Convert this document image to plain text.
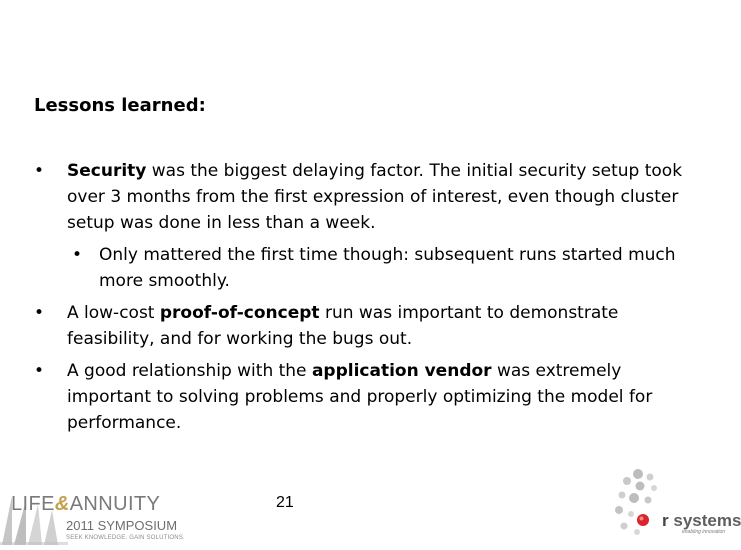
Lessons learned:
• Security was the biggest delaying factor. The initial security setup took over 3 months from the first expression of interest, even though cluster setup was done in less than a week.
• Only mattered the first time though: subsequent runs started much more smoothly.
• A low-cost proof-of-concept run was important to demonstrate feasibility, and for working the bugs out.
• A good relationship with the application vendor was extremely important to solving problems and properly optimizing the model for performance.
21
LIFE&ANNUITY
2011 SYMPOSIUM
SEEK KNOWLEDGE. GAIN SOLUTIONS.
r systems
enabling innovation
